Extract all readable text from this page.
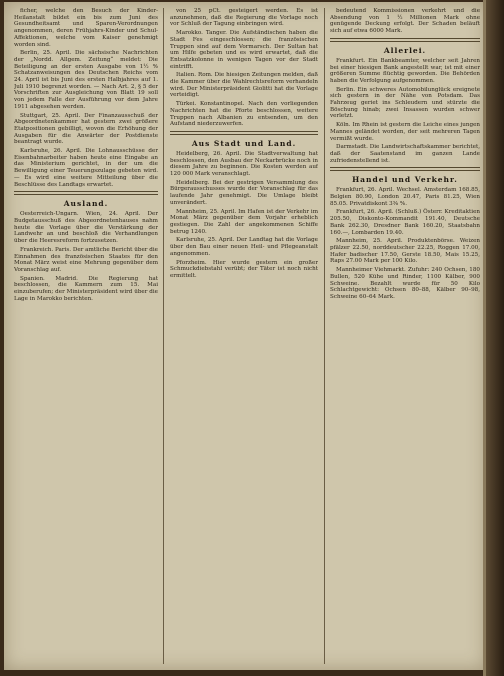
ficher, welche den Besuch der Kinder-Heilanstalt bildet ein bis zum Juni des Gesundheitsamt und Sparen-Verordnungen angenommen, deren Frühjahrs-Kinder und Schul-Affektionen, welche vom Kaiser genehmigt worden sind.

Berlin, 25. April. Die sächsische Nachrichten der „Nordd. Allgem. Zeitung“ meldet: Die Beteiligung an der ersten Ausgabe von 1½ % Schatzanweisungen des Deutschen Reichs vom 24. April ist bis Juni des ersten Halbjahres auf 1. Juli 1910 begrenzt worden. — Nach Art. 2, § 5 der Vorschriften zur Ausgleichung von Blatt 19 soll von jedem Falle der Ausführung vor dem Jahre 1911 abgesehen werden.

Stuttgart, 25. April. Der Finanzausschuß der Abgeordnetenkammer hat gestern zwei größere Etatpositionen gebilligt, wovon die Erhöhung der Ausgaben für die Anwärter der Postdienste beantragt wurde.

Karlsruhe, 26. April. Die Lohnausschüsse der Eisenbahnarbeiter haben heute eine Eingabe an das Ministerium gerichtet, in der um die Bewilligung einer Teuerungszulage gebeten wird. — Es wird eine weitere Mitteilung über die Beschlüsse des Landtags erwartet.

Ausland.

Oesterreich-Ungarn. Wien, 24. April. Der Budgetausschuß des Abgeordnetenhauses nahm heute die Vorlage über die Verstärkung der Landwehr an und beschloß die Verhandlungen über die Heeresreform fortzusetzen.

Frankreich. Paris. Der amtliche Bericht über die Einnahmen des französischen Staates für den Monat März weist eine Mehrung gegenüber dem Voranschlag auf.

Spanien. Madrid. Die Regierung hat beschlossen, die Kammern zum 15. Mai einzuberufen; der Ministerpräsident wird über die Lage in Marokko berichten.

von 25 pCt. gesteigert werden. Es ist anzunehmen, daß die Regierung die Vorlage noch vor Schluß der Tagung einbringen wird.

Marokko. Tanger. Die Aufständischen haben die Stadt Fes eingeschlossen; die französischen Truppen sind auf dem Vormarsch. Der Sultan hat um Hilfe gebeten und es wird erwartet, daß die Entsatzkolonne in wenigen Tagen vor der Stadt eintrifft.

Italien. Rom. Die hiesigen Zeitungen melden, daß die Kammer über die Wahlrechtsreform verhandeln wird. Der Ministerpräsident Giolitti hat die Vorlage verteidigt.

Türkei. Konstantinopel. Nach den vorliegenden Nachrichten hat die Pforte beschlossen, weitere Truppen nach Albanien zu entsenden, um den Aufstand niederzuwerfen.

Aus Stadt und Land.

Heidelberg, 26. April. Die Stadtverwaltung hat beschlossen, den Ausbau der Neckarbrücke noch in diesem Jahre zu beginnen. Die Kosten werden auf 120 000 Mark veranschlagt.

Heidelberg. Bei der gestrigen Versammlung des Bürgerausschusses wurde der Voranschlag für das laufende Jahr genehmigt. Die Umlage bleibt unverändert.

Mannheim, 25. April. Im Hafen ist der Verkehr im Monat März gegenüber dem Vorjahr erheblich gestiegen. Die Zahl der angekommenen Schiffe betrug 1240.

Karlsruhe, 25. April. Der Landtag hat die Vorlage über den Bau einer neuen Heil- und Pflegeanstalt angenommen.

Pforzheim. Hier wurde gestern ein großer Schmuckdiebstahl verübt; der Täter ist noch nicht ermittelt.

bedeutend Kommissionen verkehrt und die Absendung von 1 ½ Millionen Mark ohne genügende Deckung erfolgt. Der Schaden beläuft sich auf etwa 6000 Mark.

Allerlei.

Frankfurt. Ein Bankbeamter, welcher seit Jahren bei einer hiesigen Bank angestellt war, ist mit einer größeren Summe flüchtig geworden. Die Behörden haben die Verfolgung aufgenommen.

Berlin. Ein schweres Automobilunglück ereignete sich gestern in der Nähe von Potsdam. Das Fahrzeug geriet ins Schleudern und stürzte die Böschung hinab; zwei Insassen wurden schwer verletzt.

Köln. Im Rhein ist gestern die Leiche eines jungen Mannes geländet worden, der seit mehreren Tagen vermißt wurde.

Darmstadt. Die Landwirtschaftskammer berichtet, daß der Saatenstand im ganzen Lande zufriedenstellend ist.

Handel und Verkehr.

Frankfurt, 26. April. Wechsel. Amsterdam 168.85, Belgien 80.90, London 20.47, Paris 81.25, Wien 85.05. Privatdiskont 3⅜ %.

Frankfurt, 26. April. (Schluß.) Österr. Kreditaktien 205.50, Diskonto-Kommandit 191.40, Deutsche Bank 262.30, Dresdner Bank 160.20, Staatsbahn 160.—, Lombarden 19.40.

Mannheim, 25. April. Produktenbörse. Weizen pfälzer 22.50, norddeutscher 22.25, Roggen 17.00, Hafer badischer 17.50, Gerste 18.50, Mais 15.25, Raps 27.00 Mark per 100 Kilo.

Mannheimer Viehmarkt. Zufuhr: 240 Ochsen, 180 Bullen, 520 Kühe und Rinder, 1100 Kälber, 900 Schweine. Bezahlt wurde für 50 Kilo Schlachtgewicht: Ochsen 80–88, Kälber 90–98, Schweine 60–64 Mark.
